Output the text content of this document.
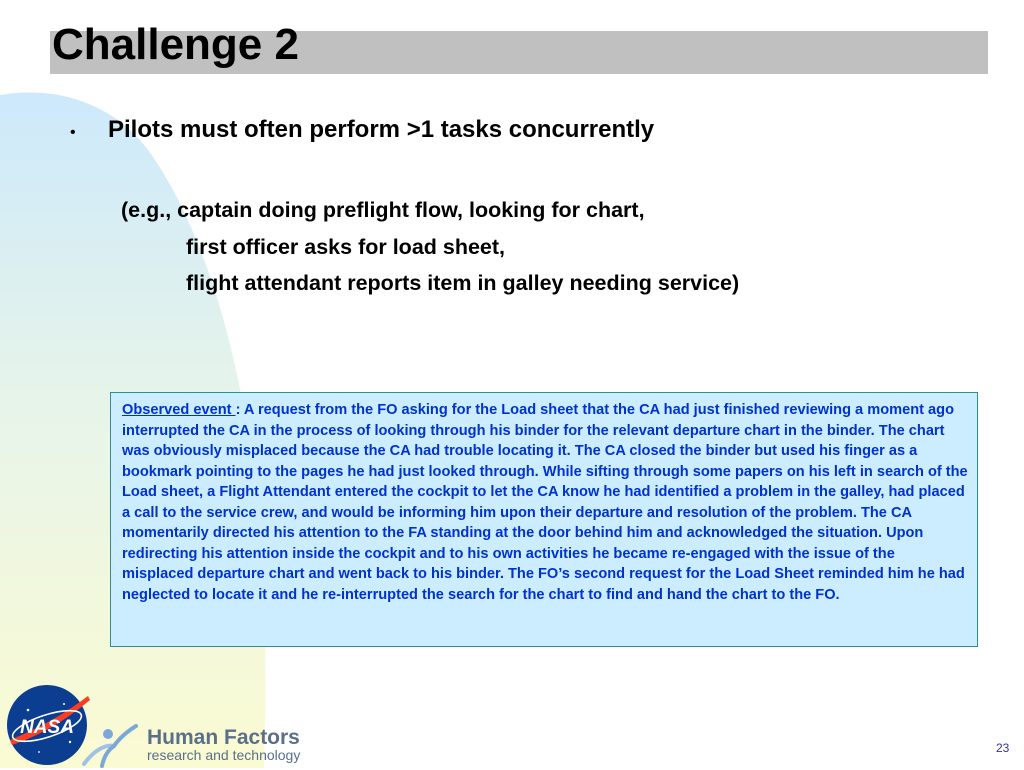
Challenge 2
•	Pilots must often perform >1 tasks concurrently
(e.g., captain doing preflight flow, looking for chart,
first officer asks for load sheet,
flight attendant reports item in galley needing service)
Observed event : A request from the FO asking for the Load sheet that the CA had just finished reviewing a moment ago interrupted the CA in the process of looking through his binder for the relevant departure chart in the binder. The chart was obviously misplaced because the CA had trouble locating it. The CA closed the binder but used his finger as a bookmark pointing to the pages he had just looked through. While sifting through some papers on his left in search of the Load sheet, a Flight Attendant entered the cockpit to let the CA know he had identified a problem in the galley, had placed a call to the service crew, and would be informing him upon their departure and resolution of the problem. The CA momentarily directed his attention to the FA standing at the door behind him and acknowledged the situation. Upon redirecting his attention inside the cockpit and to his own activities he became re-engaged with the issue of the misplaced departure chart and went back to his binder. The FO’s second request for the Load Sheet reminded him he had neglected to locate it and he re-interrupted the search for the chart to find and hand the chart to the FO.
NASA	Human Factors
research and technology	23
